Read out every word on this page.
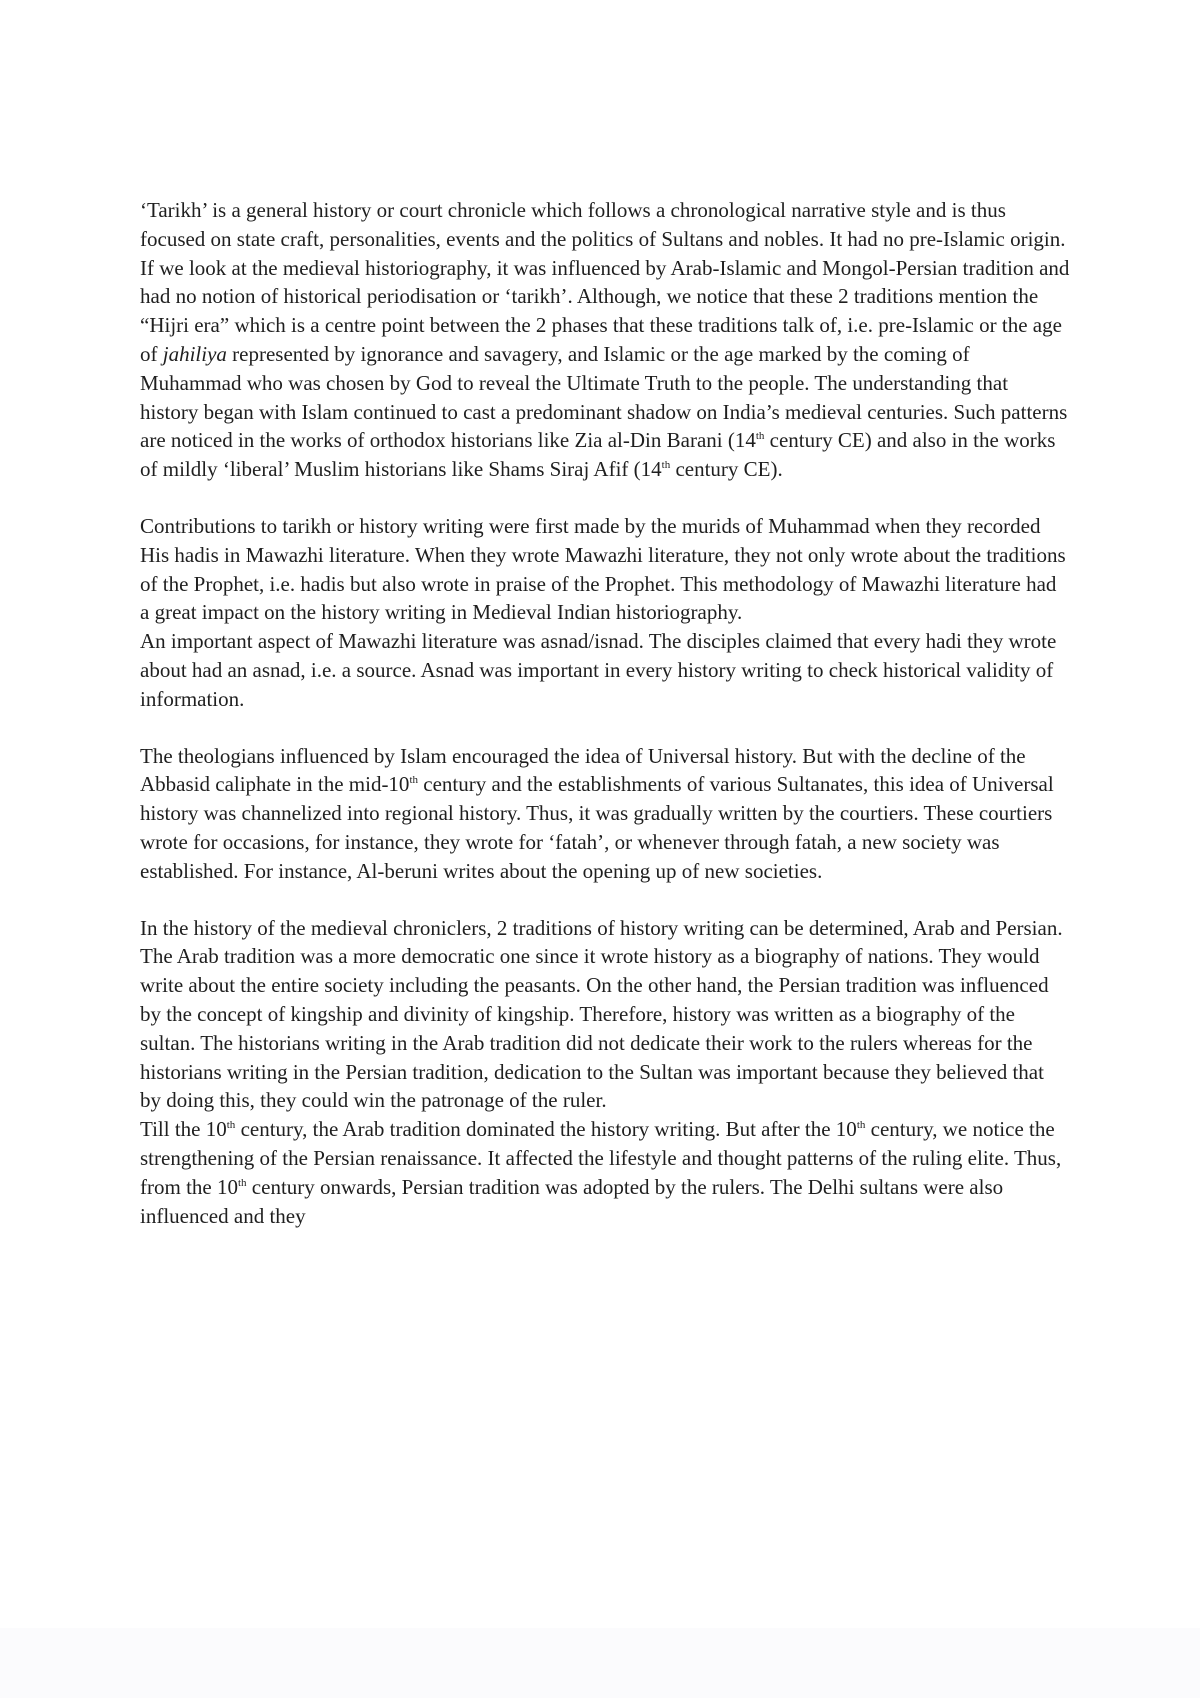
‘Tarikh’ is a general history or court chronicle which follows a chronological narrative style and is thus focused on state craft, personalities, events and the politics of Sultans and nobles. It had no pre-Islamic origin. If we look at the medieval historiography, it was influenced by Arab-Islamic and Mongol-Persian tradition and had no notion of historical periodisation or ‘tarikh’. Although, we notice that these 2 traditions mention the “Hijri era” which is a centre point between the 2 phases that these traditions talk of, i.e. pre-Islamic or the age of jahiliya represented by ignorance and savagery, and Islamic or the age marked by the coming of Muhammad who was chosen by God to reveal the Ultimate Truth to the people. The understanding that history began with Islam continued to cast a predominant shadow on India’s medieval centuries. Such patterns are noticed in the works of orthodox historians like Zia al-Din Barani (14th century CE) and also in the works of mildly ‘liberal’ Muslim historians like Shams Siraj Afif (14th century CE).

Contributions to tarikh or history writing were first made by the murids of Muhammad when they recorded His hadis in Mawazhi literature. When they wrote Mawazhi literature, they not only wrote about the traditions of the Prophet, i.e. hadis but also wrote in praise of the Prophet. This methodology of Mawazhi literature had a great impact on the history writing in Medieval Indian historiography.

An important aspect of Mawazhi literature was asnad/isnad. The disciples claimed that every hadi they wrote about had an asnad, i.e. a source. Asnad was important in every history writing to check historical validity of information.

The theologians influenced by Islam encouraged the idea of Universal history. But with the decline of the Abbasid caliphate in the mid-10th century and the establishments of various Sultanates, this idea of Universal history was channelized into regional history. Thus, it was gradually written by the courtiers. These courtiers wrote for occasions, for instance, they wrote for ‘fatah’, or whenever through fatah, a new society was established. For instance, Al-beruni writes about the opening up of new societies.

In the history of the medieval chroniclers, 2 traditions of history writing can be determined, Arab and Persian. The Arab tradition was a more democratic one since it wrote history as a biography of nations. They would write about the entire society including the peasants. On the other hand, the Persian tradition was influenced by the concept of kingship and divinity of kingship. Therefore, history was written as a biography of the sultan. The historians writing in the Arab tradition did not dedicate their work to the rulers whereas for the historians writing in the Persian tradition, dedication to the Sultan was important because they believed that by doing this, they could win the patronage of the ruler.

Till the 10th century, the Arab tradition dominated the history writing. But after the 10th century, we notice the strengthening of the Persian renaissance. It affected the lifestyle and thought patterns of the ruling elite. Thus, from the 10th century onwards, Persian tradition was adopted by the rulers. The Delhi sultans were also influenced and they
